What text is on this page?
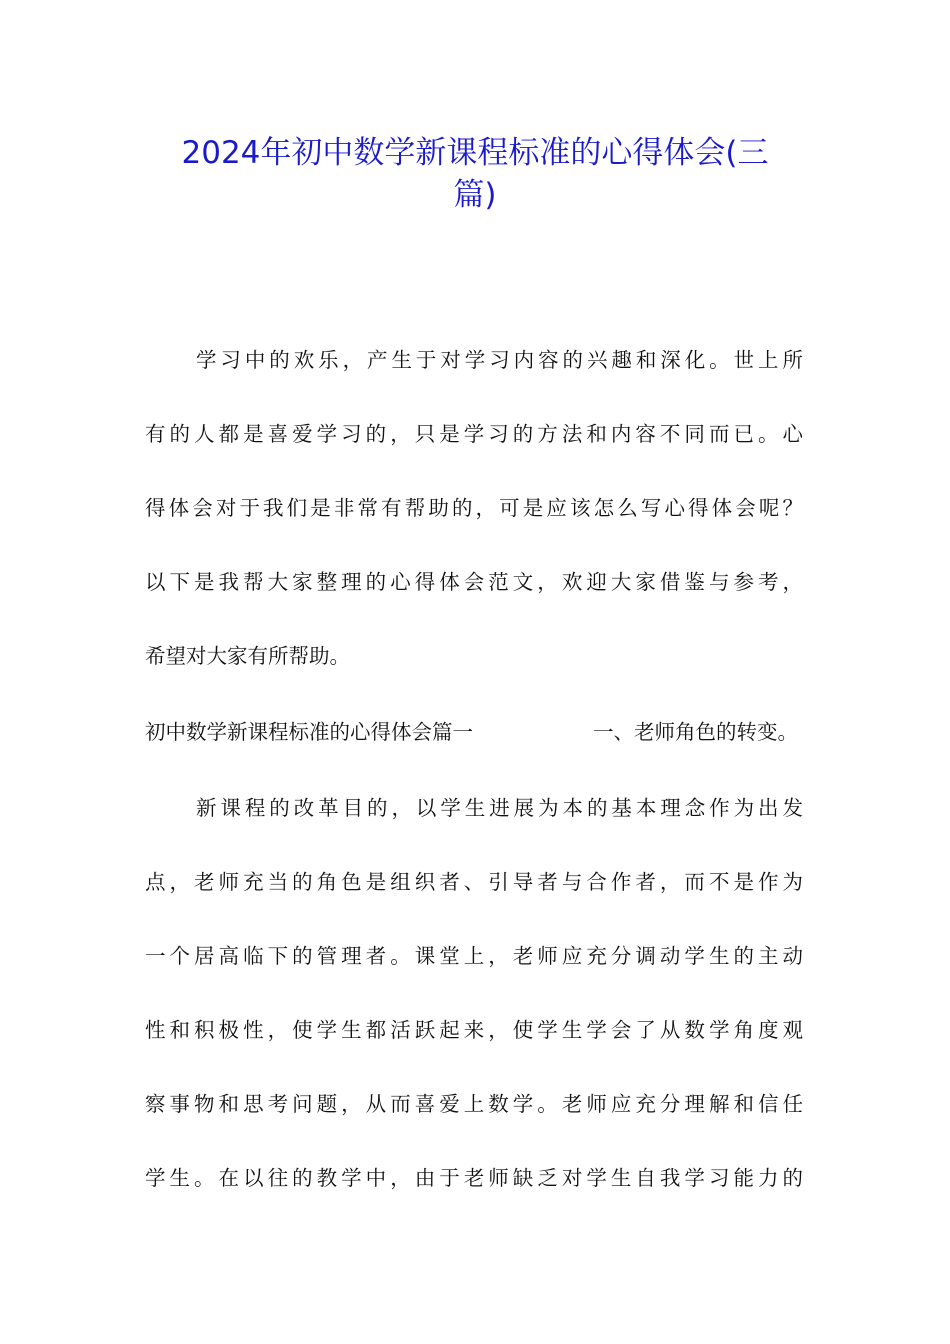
2024年初中数学新课程标准的心得体会(三
篇)
学习中的欢乐，产生于对学习内容的兴趣和深化。世上所
有的人都是喜爱学习的，只是学习的方法和内容不同而已。心
得体会对于我们是非常有帮助的，可是应该怎么写心得体会呢？
以下是我帮大家整理的心得体会范文，欢迎大家借鉴与参考，
希望对大家有所帮助。
初中数学新课程标准的心得体会篇一	一、老师角色的转变。
新课程的改革目的，以学生进展为本的基本理念作为出发
点，老师充当的角色是组织者、引导者与合作者，而不是作为
一个居高临下的管理者。课堂上，老师应充分调动学生的主动
性和积极性，使学生都活跃起来，使学生学会了从数学角度观
察事物和思考问题，从而喜爱上数学。老师应充分理解和信任
学生。在以往的教学中，由于老师缺乏对学生自我学习能力的
